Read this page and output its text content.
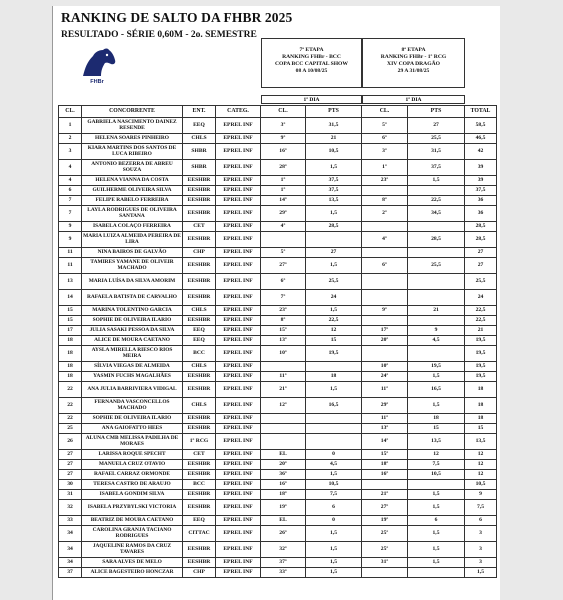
RANKING DE SALTO DA FHBR 2025
RESULTADO - SÉRIE 0,60M - 2o. SEMESTRE
FHBr
7ª ETAPA
RANKING FHBr - BCC
COPA BCC CAPITAL SHOW
08 A 10/08/25
8ª ETAPA
RANKING FHBr - 1º RCG
XIV COPA DRAGÃO
29 A 31/08/25
1º DIA	1º DIA
CL.	CONCORRENTE	ENT.	CATEG.	CL.	PTS	CL.	PTS	TOTAL
1	GABRIELA NASCIMENTO DAINEZ RESENDE	EEQ	EPREL INF	3º	31,5	5º	27	58,5
2	HELENA SOARES PINHEIRO	CHLS	EPREL INF	9º	21	6º	25,5	46,5
3	KIARA MARTINS DOS SANTOS DE LUCA RIBEIRO	SHBR	EPREL INF	16º	10,5	3º	31,5	42
4	ANTONIO BEZERRA DE ABREU SOUZA	SHBR	EPREL INF	28º	1,5	1º	37,5	39
4	HELENA VIANNA DA COSTA	EESHBR	EPREL INF	1º	37,5	23º	1,5	39
6	GUILHERME OLIVEIRA SILVA	EESHBR	EPREL INF	1º	37,5			37,5
7	FELIPE RABELO FERREIRA	EESHBR	EPREL INF	14º	13,5	8º	22,5	36
7	LAYLA RODRIGUES DE OLIVEIRA SANTANA	EESHBR	EPREL INF	29º	1,5	2º	34,5	36
9	ISABELA COLAÇO FERREIRA	CET	EPREL INF	4º	28,5			28,5
9	MARIA LUIZA ALMEIDA PEREIRA DE LIRA	EESHBR	EPREL INF			4º	28,5	28,5
11	NINA BAIROS DE GALVÃO	CHP	EPREL INF	5º	27			27
11	TAMIRES YAMANE DE OLIVEIR MACHADO	EESHBR	EPREL INF	27º	1,5	6º	25,5	27
13	MARIA LUÍSA DA SILVA AMORIM	EESHBR	EPREL INF	6º	25,5			25,5
14	RAFAELA BATISTA DE CARVALHO	EESHBR	EPREL INF	7º	24			24
15	MARINA TOLENTINO GARCIA	CHLS	EPREL INF	23º	1,5	9º	21	22,5
15	SOPHIE DE OLIVEIRA ILARIO	EESHBR	EPREL INF	8º	22,5			22,5
17	JULIA SASAKI PESSOA DA SILVA	EEQ	EPREL INF	15º	12	17º	9	21
18	ALICE DE MOURA CAETANO	EEQ	EPREL INF	13º	15	20º	4,5	19,5
18	AYSLA MIRELLA RIESCO RIOS MEIRA	BCC	EPREL INF	10º	19,5			19,5
18	SÍLVIA VIEGAS DE ALMEIDA	CHLS	EPREL INF			10º	19,5	19,5
18	YASMIN FUCHS MAGALHÃES	EESHBR	EPREL INF	11º	18	24º	1,5	19,5
22	ANA JULIA BARRIVIERA VIDIGAL	EESHBR	EPREL INF	21º	1,5	11º	16,5	18
22	FERNANDA VASCONCELLOS MACHADO	CHLS	EPREL INF	12º	16,5	29º	1,5	18
22	SOPHIE DE OLIVEIRA ILARIO	EESHBR	EPREL INF			11º	18	18
25	ANA GAIOFATTO HEES	EESHBR	EPREL INF			13º	15	15
26	ALUNA CMB MELISSA PADILHA DE MORAES	1º RCG	EPREL INF			14º	13,5	13,5
27	LARISSA ROQUE SPECHT	CET	EPREL INF	EL	0	15º	12	12
27	MANUELA CRUZ OTAVIO	EESHBR	EPREL INF	20º	4,5	18º	7,5	12
27	RAFAEL CARRAZ ORMONDE	EESHBR	EPREL INF	36º	1,5	16º	10,5	12
30	TERESA CASTRO DE ARAUJO	BCC	EPREL INF	16º	10,5			10,5
31	ISABELA GONDIM SILVA	EESHBR	EPREL INF	18º	7,5	21º	1,5	9
32	ISABELA PRZYBYLSKI VICTORIA	EESHBR	EPREL INF	19º	6	27º	1,5	7,5
33	BEATRIZ DE MOURA CAETANO	EEQ	EPREL INF	EL	0	19º	6	6
34	CAROLINA GRANJA TACIANO RODRIGUES	CITTAC	EPREL INF	26º	1,5	25º	1,5	3
34	JAQUELINE RAMOS DA CRUZ TAVARES	EESHBR	EPREL INF	32º	1,5	25º	1,5	3
34	SARA ALVES DE MELO	EESHBR	EPREL INF	37º	1,5	31º	1,5	3
37	ALICE BAGESTEIRO HONCZAR	CHP	EPREL INF	33º	1,5			1,5
